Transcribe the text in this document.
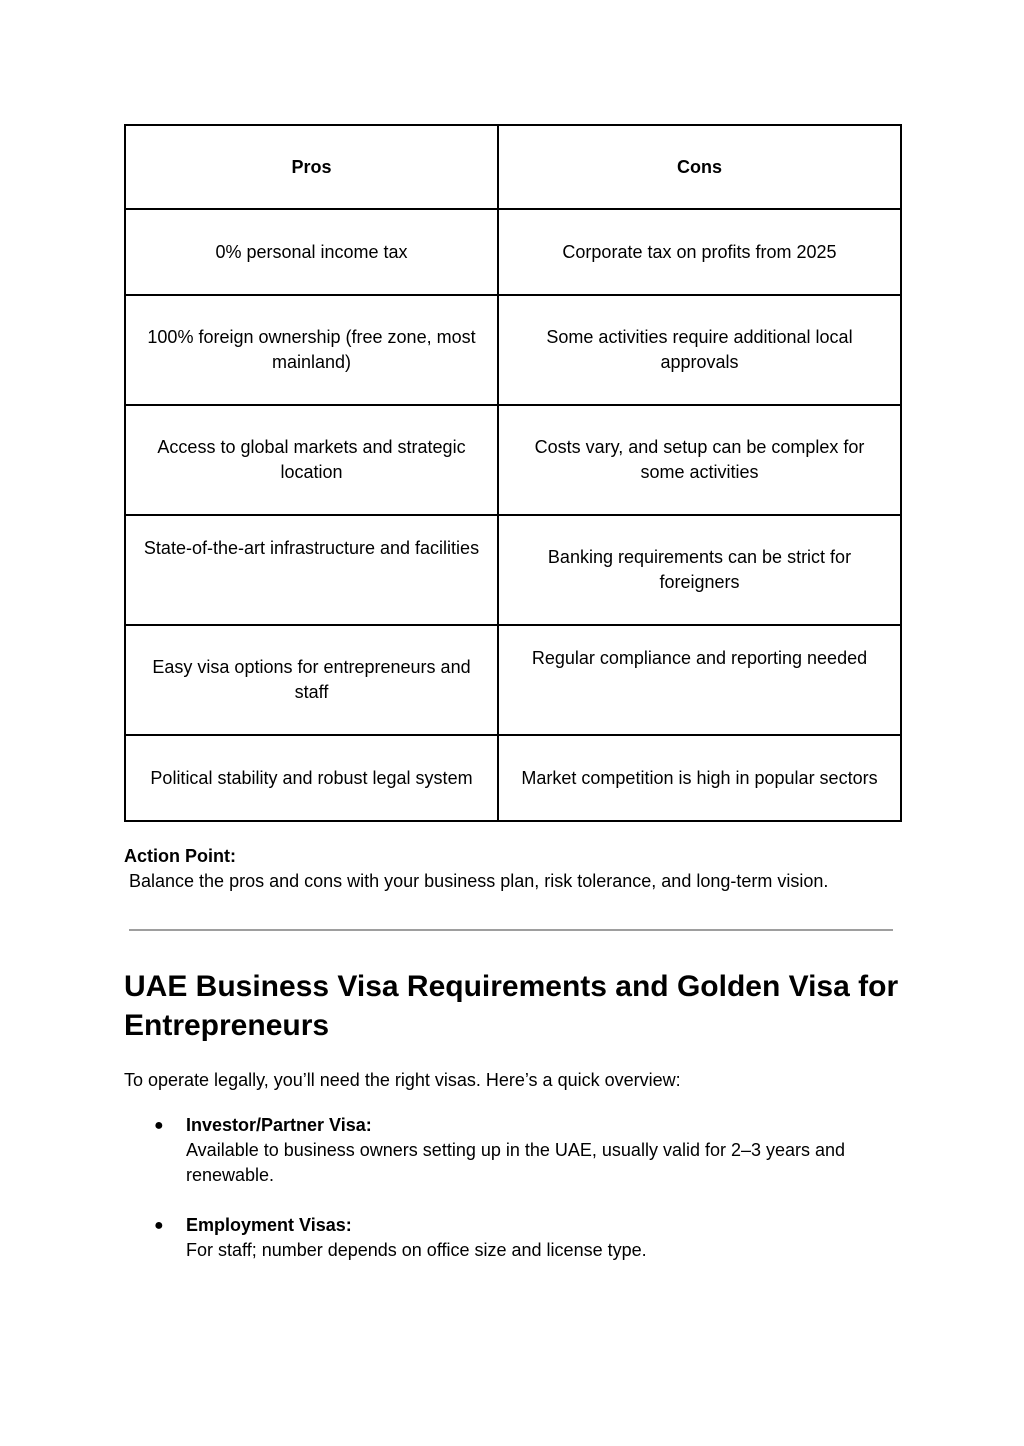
Pros	Cons
0% personal income tax	Corporate tax on profits from 2025
100% foreign ownership (free zone, most mainland)	Some activities require additional local approvals
Access to global markets and strategic location	Costs vary, and setup can be complex for some activities
State-of-the-art infrastructure and facilities	Banking requirements can be strict for foreigners
Easy visa options for entrepreneurs and staff	Regular compliance and reporting needed
Political stability and robust legal system	Market competition is high in popular sectors
Action Point:
Balance the pros and cons with your business plan, risk tolerance, and long-term vision.
UAE Business Visa Requirements and Golden Visa for Entrepreneurs
To operate legally, you’ll need the right visas. Here’s a quick overview:
● Investor/Partner Visa:
Available to business owners setting up in the UAE, usually valid for 2–3 years and renewable.
● Employment Visas:
For staff; number depends on office size and license type.
